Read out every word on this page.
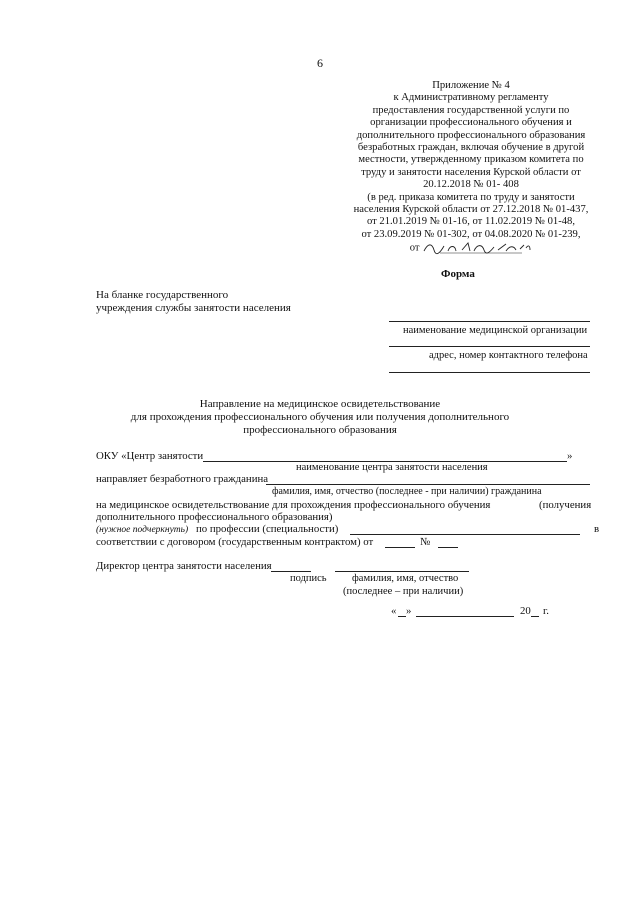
6
Приложение № 4
к Административному регламенту
предоставления государственной услуги по
организации профессионального обучения и
дополнительного профессионального образования
безработных граждан, включая обучение в другой
местности, утвержденному приказом комитета по
труду и занятости населения Курской области от
20.12.2018 № 01- 408
(в ред. приказа комитета по труду и занятости
населения Курской области от 27.12.2018 № 01-437,
от 21.01.2019 № 01-16, от 11.02.2019 № 01-48,
от 23.09.2019 № 01-302, от 04.08.2020 № 01-239,
от
Форма
На бланке государственного
учреждения службы занятости населения
наименование медицинской организации
адрес, номер контактного телефона
Направление на медицинское освидетельствование
для прохождения профессионального обучения или получения дополнительного
профессионального образования
ОКУ «Центр занятости	»
наименование центра занятости населения
направляет безработного гражданина
фамилия, имя, отчество (последнее - при наличии) гражданина
на медицинское освидетельствование для прохождения профессионального обучения	(получения
дополнительного профессионального образования)
(нужное подчеркнуть) по профессии (специальности)	в
соответствии с договором (государственным контрактом) от	№
Директор центра занятости населения
подпись фамилия, имя, отчество
(последнее – при наличии)
« »	20 г.
